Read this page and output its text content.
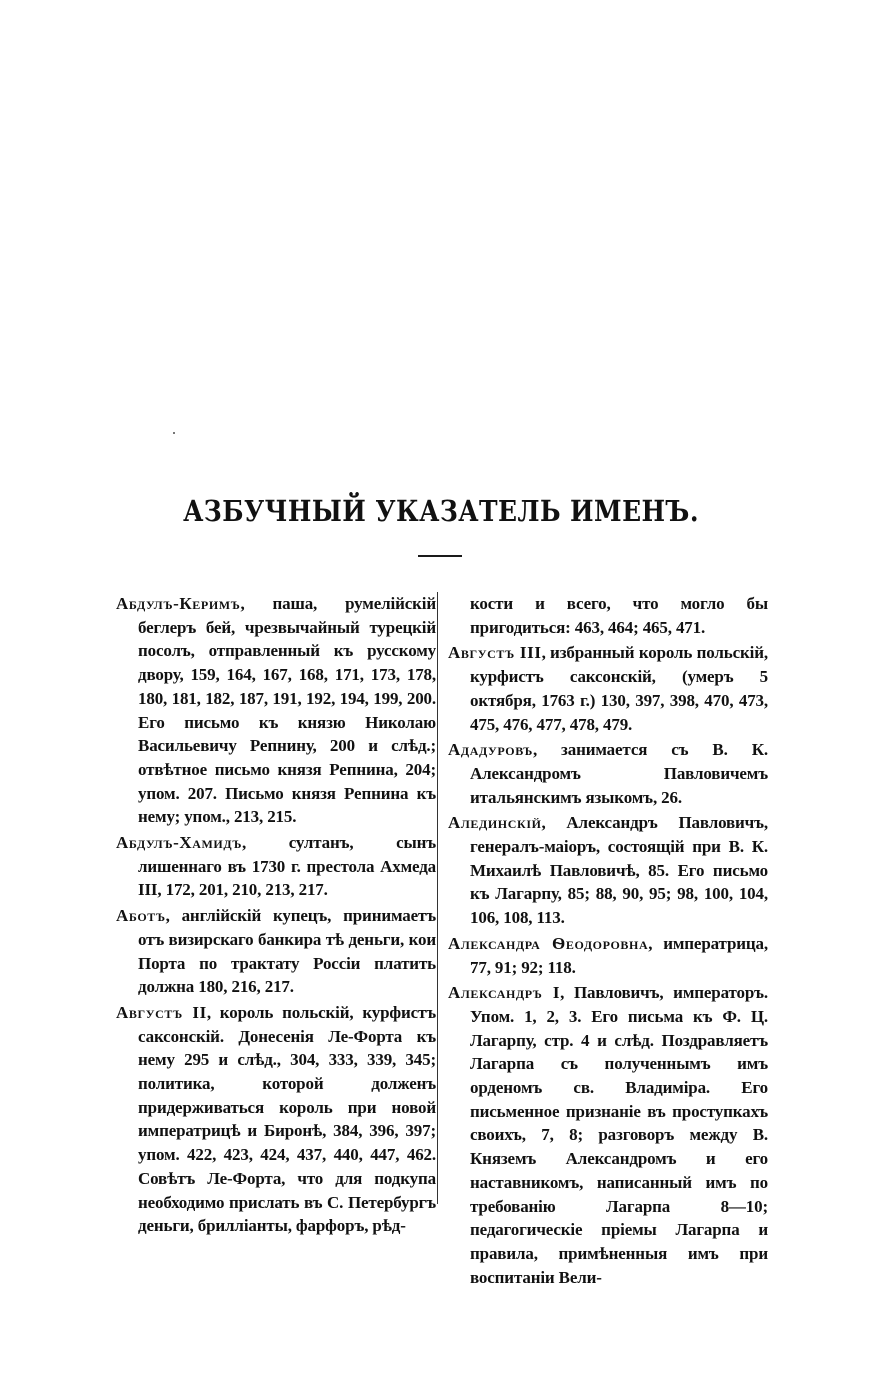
АЗБУЧНЫЙ УКАЗАТЕЛЬ ИМЕНЪ.

Абдулъ-Керимъ, паша, румелійскій беглеръ бей, чрезвычайный турецкій посолъ, отправленный къ русскому двору, 159, 164, 167, 168, 171, 173, 178, 180, 181, 182, 187, 191, 192, 194, 199, 200. Его письмо къ князю Николаю Васильевичу Репнину, 200 и слѣд.; отвѣтное письмо князя Репнина, 204; упом. 207. Письмо князя Репнина къ нему; упом., 213, 215.

Абдулъ-Хамидъ, султанъ, сынъ лишеннаго въ 1730 г. престола Ахмеда III, 172, 201, 210, 213, 217.

Аботъ, англійскій купецъ, принимаетъ отъ визирскаго банкира тѣ деньги, кои Порта по трактату Россіи платить должна 180, 216, 217.

Августъ II, король польскій, курфистъ саксонскій. Донесенія Ле-Форта къ нему 295 и слѣд., 304, 333, 339, 345; политика, которой долженъ придерживаться король при новой императрицѣ и Биронѣ, 384, 396, 397; упом. 422, 423, 424, 437, 440, 447, 462. Совѣтъ Ле-Форта, что для подкупа необходимо прислать въ С. Петербургъ деньги, брилліанты, фарфоръ, рѣд-

кости и всего, что могло бы пригодиться: 463, 464; 465, 471.

Августъ III, избранный король польскій, курфистъ саксонскій, (умеръ 5 октября, 1763 г.) 130, 397, 398, 470, 473, 475, 476, 477, 478, 479.

Ададуровъ, занимается съ В. К. Александромъ Павловичемъ итальянскимъ языкомъ, 26.

Алединскій, Александръ Павловичъ, генералъ-маіоръ, состоящій при В. К. Михаилѣ Павловичѣ, 85. Его письмо къ Лагарпу, 85; 88, 90, 95; 98, 100, 104, 106, 108, 113.

Александра Ѳеодоровна, императрица, 77, 91; 92; 118.

Александръ I, Павловичъ, императоръ. Упом. 1, 2, 3. Его письма къ Ф. Ц. Лагарпу, стр. 4 и слѣд. Поздравляетъ Лагарпа съ полученнымъ имъ орденомъ св. Владиміра. Его письменное признаніе въ проступкахъ своихъ, 7, 8; разговоръ между В. Княземъ Александромъ и его наставникомъ, написанный имъ по требованію Лагарпа 8—10; педагогическіе пріемы Лагарпа и правила, примѣненныя имъ при воспитаніи Вели-
